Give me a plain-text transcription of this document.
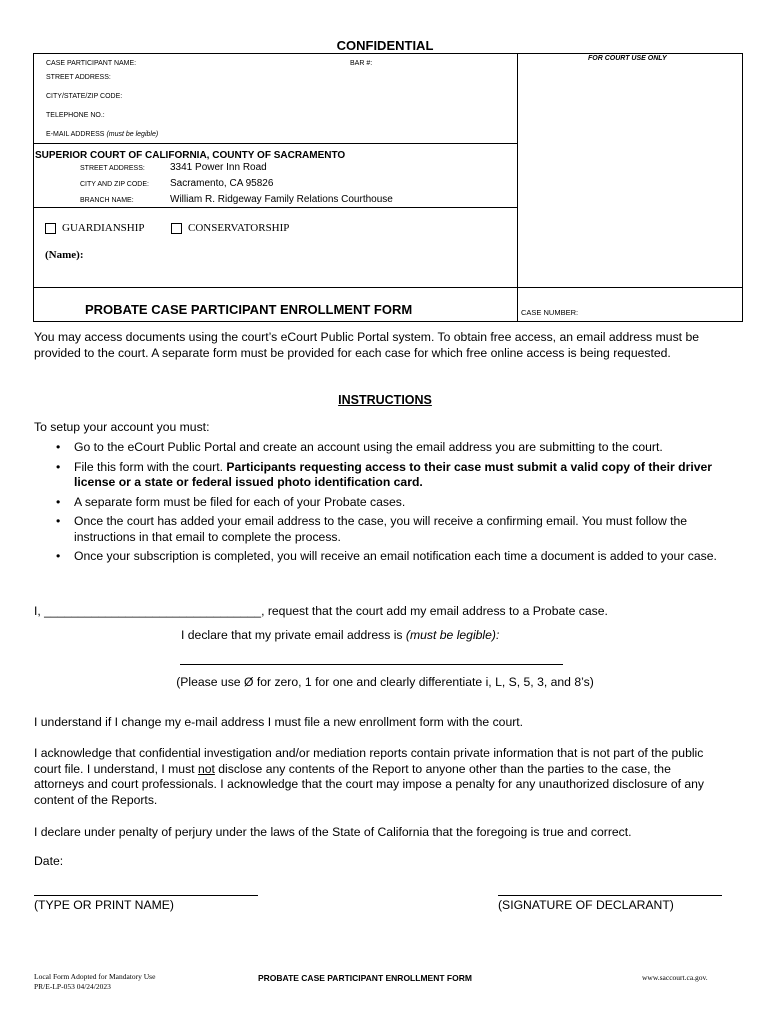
CONFIDENTIAL
CASE PARTICIPANT NAME:	BAR #:
STREET ADDRESS:
CITY/STATE/ZIP CODE:
TELEPHONE NO.:
E-MAIL ADDRESS (must be legible)
FOR COURT USE ONLY
SUPERIOR COURT OF CALIFORNIA, COUNTY OF SACRAMENTO
STREET ADDRESS:	3341 Power Inn Road
CITY AND ZIP CODE: Sacramento, CA 95826
BRANCH NAME:	William R. Ridgeway Family Relations Courthouse
GUARDIANSHIP	CONSERVATORSHIP
(Name):
PROBATE CASE PARTICIPANT ENROLLMENT FORM	CASE NUMBER:
You may access documents using the court’s eCourt Public Portal system. To obtain free access, an email address must be provided to the court. A separate form must be provided for each case for which free online access is being requested.
INSTRUCTIONS
To setup your account you must:
• Go to the eCourt Public Portal and create an account using the email address you are submitting to the court.
• File this form with the court. Participants requesting access to their case must submit a valid copy of their driver license or a state or federal issued photo identification card.
• A separate form must be filed for each of your Probate cases.
• Once the court has added your email address to the case, you will receive a confirming email. You must follow the instructions in that email to complete the process.
• Once your subscription is completed, you will receive an email notification each time a document is added to your case.
I, ________________________________, request that the court add my email address to a Probate case.
I declare that my private email address is (must be legible):
(Please use Ø for zero, 1 for one and clearly differentiate i, L, S, 5, 3, and 8’s)
I understand if I change my e-mail address I must file a new enrollment form with the court.
I acknowledge that confidential investigation and/or mediation reports contain private information that is not part of the public court file. I understand, I must not disclose any contents of the Report to anyone other than the parties to the case, the attorneys and court professionals. I acknowledge that the court may impose a penalty for any unauthorized disclosure of any content of the Reports.
I declare under penalty of perjury under the laws of the State of California that the foregoing is true and correct.
Date:
(TYPE OR PRINT NAME)	(SIGNATURE OF DECLARANT)
Local Form Adopted for Mandatory Use
PR/E-LP-053 04/24/2023
PROBATE CASE PARTICIPANT ENROLLMENT FORM	www.saccourt.ca.gov.
